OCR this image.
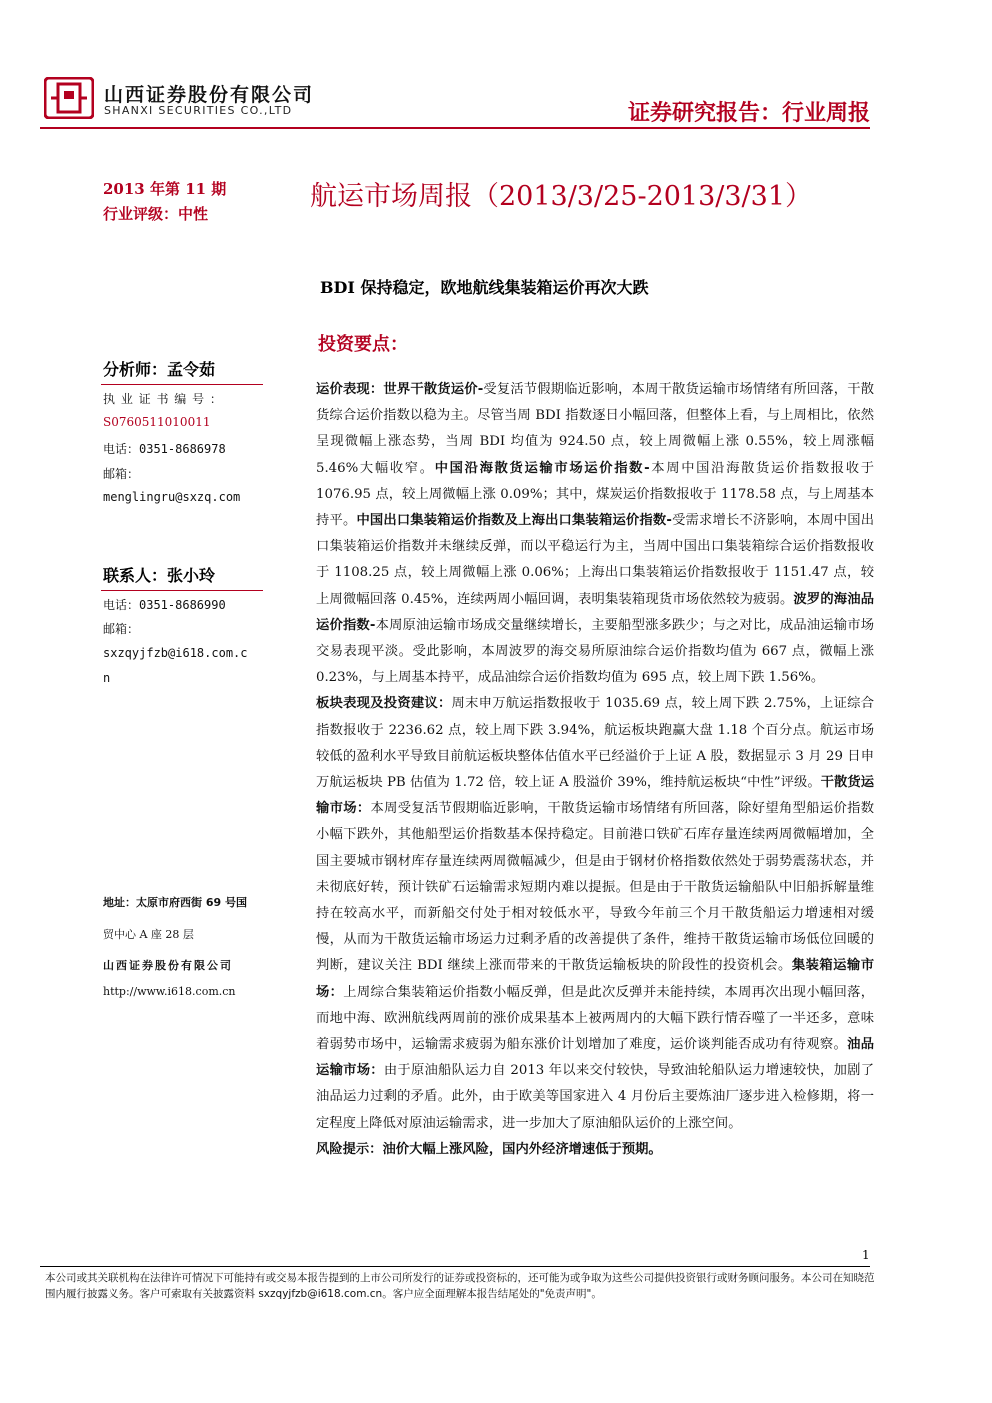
山西证券股份有限公司
SHANXI SECURITIES CO.,LTD	证券研究报告：行业周报
2013 年第 11 期
行业评级：中性
航运市场周报（2013/3/25-2013/3/31）
BDI 保持稳定，欧地航线集装箱运价再次大跌
投资要点：
分析师：孟令茹
执 业 证 书 编 号 ：
S0760511010011
电话：0351-8686978
邮箱：
menglingru@sxzq.com
联系人：张小玲
电话：0351-8686990
邮箱：
sxzqyjfzb@i618.com.c
n
地址：太原市府西街 69 号国
贸中心 A 座 28 层
山西证券股份有限公司
http://www.i618.com.cn

运价表现：世界干散货运价-受复活节假期临近影响，本周干散货运输市场情绪有所回落，干散货综合运价指数以稳为主。尽管当周 BDI 指数逐日小幅回落，但整体上看，与上周相比，依然呈现微幅上涨态势，当周 BDI 均值为 924.50 点，较上周微幅上涨 0.55%，较上周涨幅 5.46%大幅收窄。中国沿海散货运输市场运价指数-本周中国沿海散货运价指数报收于 1076.95 点，较上周微幅上涨 0.09%；其中，煤炭运价指数报收于 1178.58 点，与上周基本持平。中国出口集装箱运价指数及上海出口集装箱运价指数-受需求增长不济影响，本周中国出口集装箱运价指数并未继续反弹，而以平稳运行为主，当周中国出口集装箱综合运价指数报收于 1108.25 点，较上周微幅上涨 0.06%；上海出口集装箱运价指数报收于 1151.47 点，较上周微幅回落 0.45%，连续两周小幅回调，表明集装箱现货市场依然较为疲弱。波罗的海油品运价指数-本周原油运输市场成交量继续增长，主要船型涨多跌少；与之对比，成品油运输市场交易表现平淡。受此影响，本周波罗的海交易所原油综合运价指数均值为 667 点，微幅上涨 0.23%，与上周基本持平，成品油综合运价指数均值为 695 点，较上周下跌 1.56%。

板块表现及投资建议：周末申万航运指数报收于 1035.69 点，较上周下跌 2.75%，上证综合指数报收于 2236.62 点，较上周下跌 3.94%，航运板块跑赢大盘 1.18 个百分点。航运市场较低的盈利水平导致目前航运板块整体估值水平已经溢价于上证 A 股，数据显示 3 月 29 日申万航运板块 PB 估值为 1.72 倍，较上证 A 股溢价 39%，维持航运板块“中性”评级。干散货运输市场：本周受复活节假期临近影响，干散货运输市场情绪有所回落，除好望角型船运价指数小幅下跌外，其他船型运价指数基本保持稳定。目前港口铁矿石库存量连续两周微幅增加，全国主要城市钢材库存量连续两周微幅减少，但是由于钢材价格指数依然处于弱势震荡状态，并未彻底好转，预计铁矿石运输需求短期内难以提振。但是由于干散货运输船队中旧船拆解量维持在较高水平，而新船交付处于相对较低水平，导致今年前三个月干散货船运力增速相对缓慢，从而为干散货运输市场运力过剩矛盾的改善提供了条件，维持干散货运输市场低位回暖的判断，建议关注 BDI 继续上涨而带来的干散货运输板块的阶段性的投资机会。集装箱运输市场：上周综合集装箱运价指数小幅反弹，但是此次反弹并未能持续，本周再次出现小幅回落，而地中海、欧洲航线两周前的涨价成果基本上被两周内的大幅下跌行情吞噬了一半还多，意味着弱势市场中，运输需求疲弱为船东涨价计划增加了难度，运价谈判能否成功有待观察。油品运输市场：由于原油船队运力自 2013 年以来交付较快，导致油轮船队运力增速较快，加剧了油品运力过剩的矛盾。此外，由于欧美等国家进入 4 月份后主要炼油厂逐步进入检修期，将一定程度上降低对原油运输需求，进一步加大了原油船队运价的上涨空间。

风险提示：油价大幅上涨风险，国内外经济增速低于预期。

1
本公司或其关联机构在法律许可情况下可能持有或交易本报告提到的上市公司所发行的证券或投资标的，还可能为或争取为这些公司提供投资银行或财务顾问服务。本公司在知晓范围内履行披露义务。客户可索取有关披露资料 sxzqyjfzb@i618.com.cn。客户应全面理解本报告结尾处的"免责声明"。
